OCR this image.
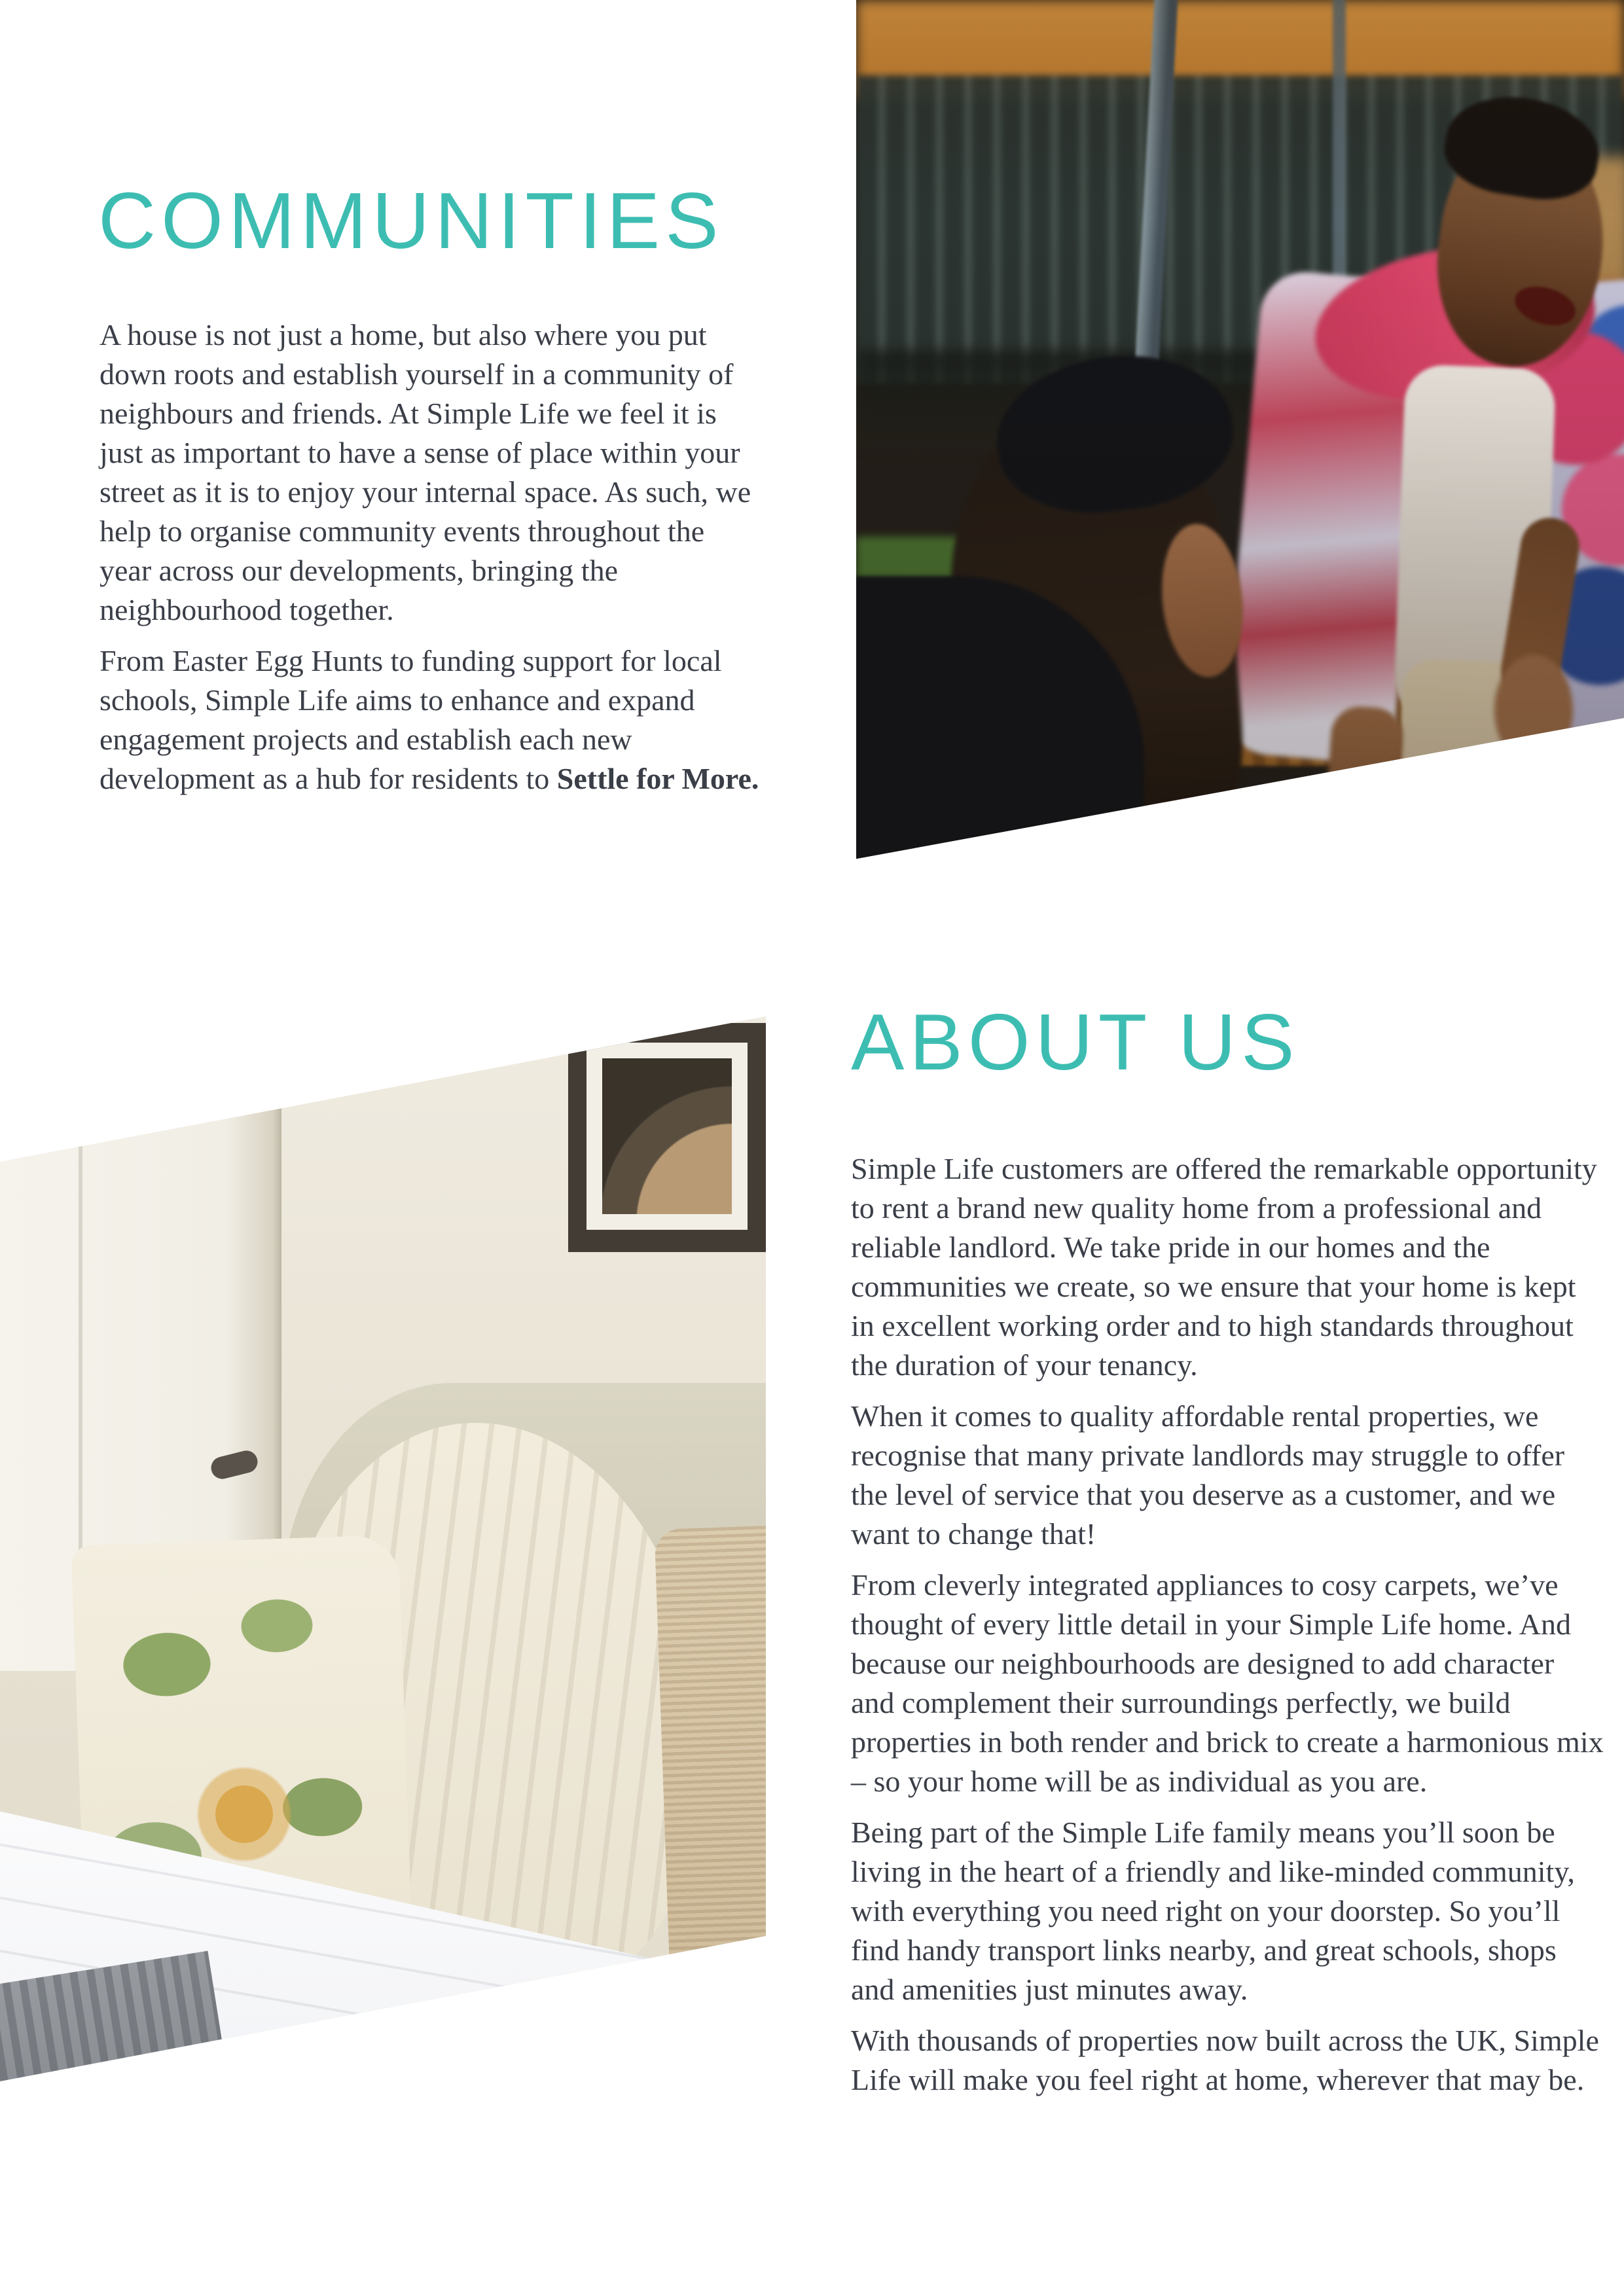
COMMUNITIES

A house is not just a home, but also where you put down roots and establish yourself in a community of neighbours and friends. At Simple Life we feel it is just as important to have a sense of place within your street as it is to enjoy your internal space. As such, we help to organise community events throughout the year across our developments, bringing the neighbourhood together.

From Easter Egg Hunts to funding support for local schools, Simple Life aims to enhance and expand engagement projects and establish each new development as a hub for residents to Settle for More.

ABOUT US

Simple Life customers are offered the remarkable opportunity to rent a brand new quality home from a professional and reliable landlord. We take pride in our homes and the communities we create, so we ensure that your home is kept in excellent working order and to high standards throughout the duration of your tenancy.

When it comes to quality affordable rental properties, we recognise that many private landlords may struggle to offer the level of service that you deserve as a customer, and we want to change that!

From cleverly integrated appliances to cosy carpets, we’ve thought of every little detail in your Simple Life home. And because our neighbourhoods are designed to add character and complement their surroundings perfectly, we build properties in both render and brick to create a harmonious mix – so your home will be as individual as you are.

Being part of the Simple Life family means you’ll soon be living in the heart of a friendly and like-minded community, with everything you need right on your doorstep. So you’ll find handy transport links nearby, and great schools, shops and amenities just minutes away.

With thousands of properties now built across the UK, Simple Life will make you feel right at home, wherever that may be.
